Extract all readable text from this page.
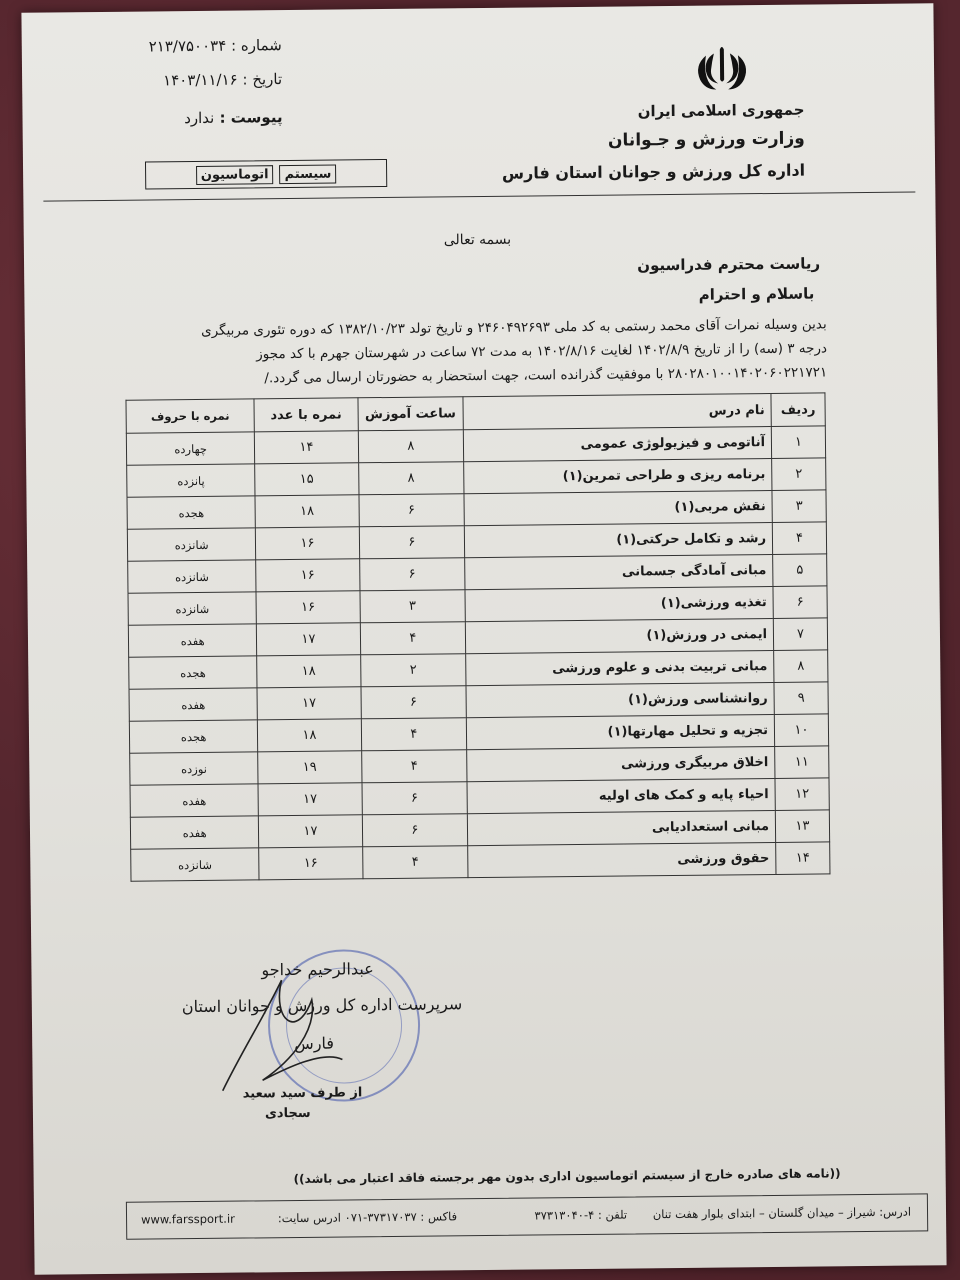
شماره : ۲۱۳/۷۵۰۰۳۴
تاریخ : ۱۴۰۳/۱۱/۱۶
پیوست : ندارد
سیستم
اتوماسیون
جمهوری اسلامی ایران
وزارت ورزش و جـوانان
اداره کل ورزش و جوانان استان فارس
بسمه تعالی
ریاست محترم فدراسیون
باسلام و احترام
بدین وسیله نمرات آقای محمد رستمی به کد ملی ۲۴۶۰۴۹۲۶۹۳ و تاریخ تولد ۱۳۸۲/۱۰/۲۳ که دوره تئوری مربیگری
درجه ۳ (سه) را از تاریخ ۱۴۰۲/۸/۹ لغایت ۱۴۰۲/۸/۱۶ به مدت ۷۲ ساعت در شهرستان جهرم با کد مجوز
۲۸۰۲۸۰۱۰۰۱۴۰۲۰۶۰۲۲۱۷۲۱ با موفقیت گذرانده است، جهت استحضار به حضورتان ارسال می گردد./
ردیف	نام درس	ساعت آموزش	نمره با عدد	نمره با حروف
۱	آناتومی و فیزیولوژی عمومی	۸	۱۴	چهارده
۲	برنامه ریزی و طراحی تمرین(۱)	۸	۱۵	پانزده
۳	نقش مربی(۱)	۶	۱۸	هجده
۴	رشد و تکامل حرکتی(۱)	۶	۱۶	شانزده
۵	مبانی آمادگی جسمانی	۶	۱۶	شانزده
۶	تغذیه ورزشی(۱)	۳	۱۶	شانزده
۷	ایمنی در ورزش(۱)	۴	۱۷	هفده
۸	مبانی تربیت بدنی و علوم ورزشی	۲	۱۸	هجده
۹	روانشناسی ورزش(۱)	۶	۱۷	هفده
۱۰	تجزیه و تحلیل مهارتها(۱)	۴	۱۸	هجده
۱۱	اخلاق مربیگری ورزشی	۴	۱۹	نوزده
۱۲	احیاء پایه و کمک های اولیه	۶	۱۷	هفده
۱۳	مبانی استعدادیابی	۶	۱۷	هفده
۱۴	حقوق ورزشی	۴	۱۶	شانزده
عبدالرحیم خداجو
سرپرست اداره کل ورزش و جوانان استان
فارس
از طرف سید سعید
سجادی
((نامه های صادره خارج از سیستم اتوماسیون اداری بدون مهر برجسته فاقد اعتبار می باشد))
ادرس: شیراز – میدان گلستان – ابتدای بلوار هفت تنان
تلفن : ۴-۳۷۳۱۳۰۴۰
فاکس : ۳۷۳۱۷۰۳۷-۰۷۱ ادرس سایت:
www.farssport.ir
